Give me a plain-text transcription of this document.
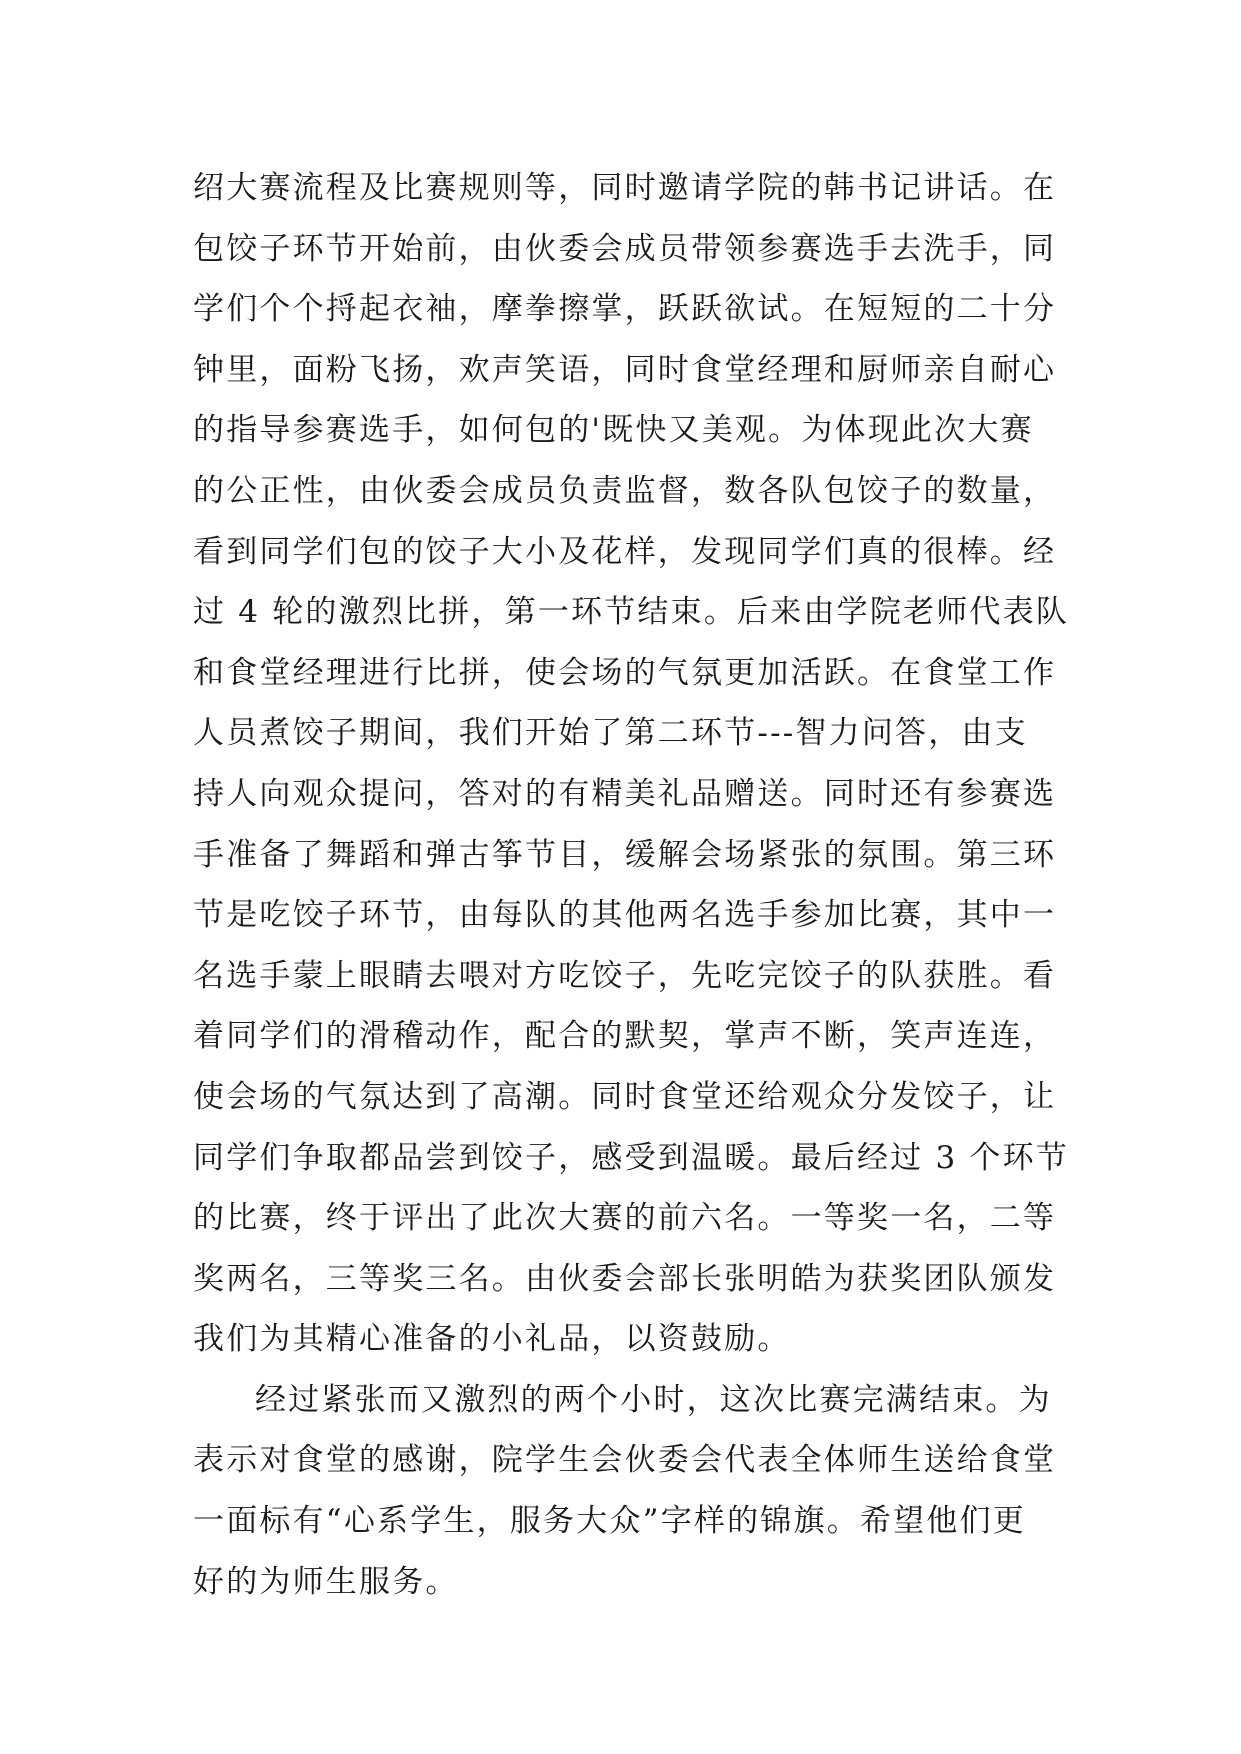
绍大赛流程及比赛规则等，同时邀请学院的韩书记讲话。在
包饺子环节开始前，由伙委会成员带领参赛选手去洗手，同
学们个个捋起衣袖，摩拳擦掌，跃跃欲试。在短短的二十分
钟里，面粉飞扬，欢声笑语，同时食堂经理和厨师亲自耐心
的指导参赛选手，如何包的'既快又美观。为体现此次大赛
的公正性，由伙委会成员负责监督，数各队包饺子的数量，
看到同学们包的饺子大小及花样，发现同学们真的很棒。经
过 4 轮的激烈比拼，第一环节结束。后来由学院老师代表队
和食堂经理进行比拼，使会场的气氛更加活跃。在食堂工作
人员煮饺子期间，我们开始了第二环节---智力问答，由支
持人向观众提问，答对的有精美礼品赠送。同时还有参赛选
手准备了舞蹈和弹古筝节目，缓解会场紧张的氛围。第三环
节是吃饺子环节，由每队的其他两名选手参加比赛，其中一
名选手蒙上眼睛去喂对方吃饺子，先吃完饺子的队获胜。看
着同学们的滑稽动作，配合的默契，掌声不断，笑声连连，
使会场的气氛达到了高潮。同时食堂还给观众分发饺子，让
同学们争取都品尝到饺子，感受到温暖。最后经过 3 个环节
的比赛，终于评出了此次大赛的前六名。一等奖一名，二等
奖两名，三等奖三名。由伙委会部长张明皓为获奖团队颁发
我们为其精心准备的小礼品，以资鼓励。
经过紧张而又激烈的两个小时，这次比赛完满结束。为
表示对食堂的感谢，院学生会伙委会代表全体师生送给食堂
一面标有“心系学生，服务大众”字样的锦旗。希望他们更
好的为师生服务。
